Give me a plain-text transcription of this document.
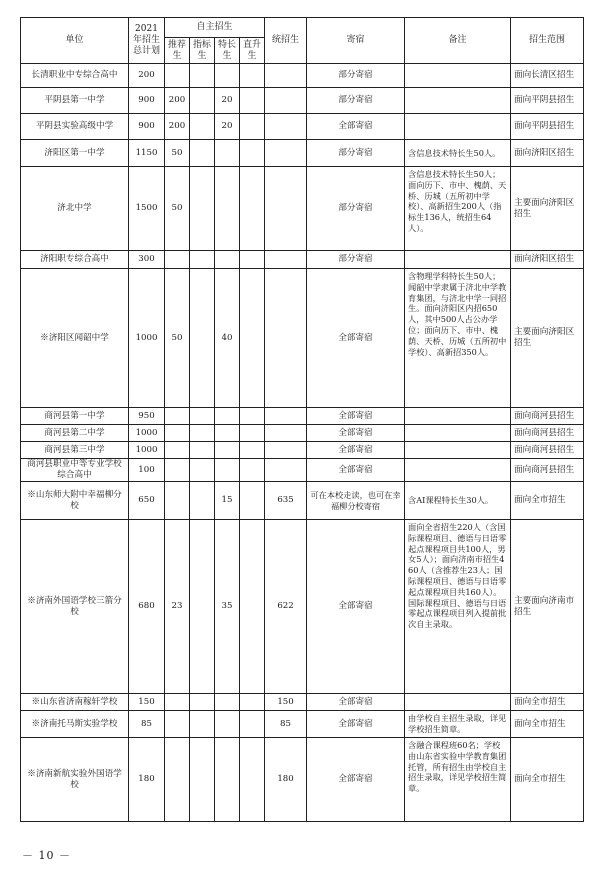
单位	2021年招生总计划	自主招生				统招生	寄宿	备注	招生范围
		推荐生	指标生	特长生	直升生				
长清职业中专综合高中	200						部分寄宿		面向长清区招生
平阴县第一中学	900	200		20			部分寄宿		面向平阴县招生
平阴县实验高级中学	900	200		20			全部寄宿		面向平阴县招生
济阳区第一中学	1150	50					部分寄宿	含信息技术特长生50人。	面向济阳区招生
济北中学	1500	50					部分寄宿	含信息技术特长生50人；面向历下、市中、槐荫、天桥、历城（五所初中学校）、高新招生200人（指标生136人，统招生64人）。	主要面向济阳区招生
济阳职专综合高中	300						部分寄宿		面向济阳区招生
※济阳区闻韶中学	1000	50		40			全部寄宿	含物理学科特长生50人；闻韶中学隶属于济北中学教育集团，与济北中学一同招生。面向济阳区内招650人，其中500人占公办学位；面向历下、市中、槐荫、天桥、历城（五所初中学校）、高新招350人。	主要面向济阳区招生
商河县第一中学	950						全部寄宿		面向商河县招生
商河县第二中学	1000						全部寄宿		面向商河县招生
商河县第三中学	1000						全部寄宿		面向商河县招生
商河县职业中等专业学校综合高中	100						全部寄宿		面向商河县招生
※山东师大附中幸福柳分校	650			15		635	可在本校走读，也可在幸福柳分校寄宿	含AI课程特长生30人。	面向全市招生
※济南外国语学校三箭分校	680	23		35		622	全部寄宿	面向全省招生220人（含国际课程项目、德语与日语零起点课程项目共100人，男女5人）；面向济南市招生460人（含推荐生23人；国际课程项目、德语与日语零起点课程项目共160人）。国际课程项目、德语与日语零起点课程项目列入提前批次自主录取。	主要面向济南市招生
※山东省济南稼轩学校	150					150	全部寄宿		面向全市招生
※济南托马斯实验学校	85					85	全部寄宿	由学校自主招生录取，详见学校招生简章。	面向全市招生
※济南新航实验外国语学校	180					180	全部寄宿	含融合课程班60名；学校由山东省实验中学教育集团托管，所有招生由学校自主招生录取，详见学校招生简章。	面向全市招生
－ 10 －
